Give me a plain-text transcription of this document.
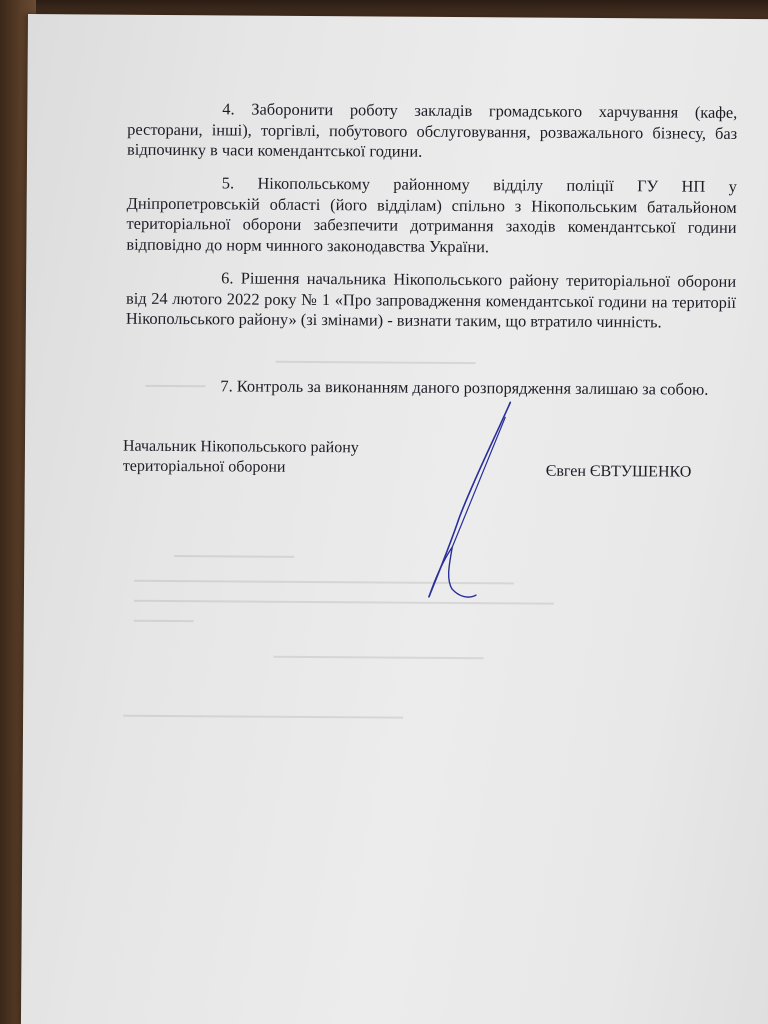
4. Заборонити роботу закладів громадського харчування (кафе, ресторани, інші), торгівлі, побутового обслуговування, розважального бізнесу, баз відпочинку в часи комендантської години.

5. Нікопольському районному відділу поліції ГУ НП у Дніпропетровській області (його відділам) спільно з Нікопольським батальйоном територіальної оборони забезпечити дотримання заходів комендантської години відповідно до норм чинного законодавства України.

6. Рішення начальника Нікопольського району територіальної оборони від 24 лютого 2022 року № 1 «Про запровадження комендантської години на території Нікопольського району» (зі змінами) - визнати таким, що втратило чинність.

7. Контроль за виконанням даного розпорядження залишаю за собою.

Начальник Нікопольського району
територіальної оборони	Євген ЄВТУШЕНКО
